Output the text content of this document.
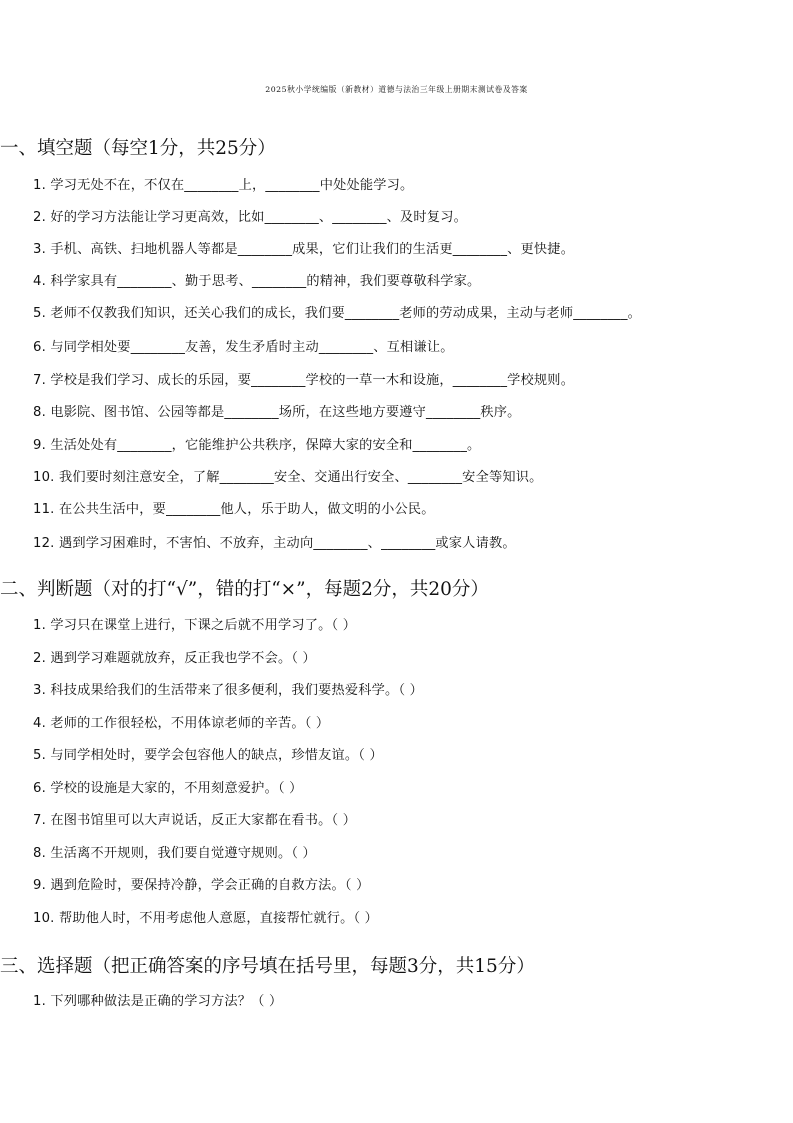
2025秋小学统编版（新教材）道德与法治三年级上册期末测试卷及答案
一、填空题（每空1分，共25分）
1. 学习无处不在，不仅在________上，________中处处能学习。
2. 好的学习方法能让学习更高效，比如________、________、及时复习。
3. 手机、高铁、扫地机器人等都是________成果，它们让我们的生活更________、更快捷。
4. 科学家具有________、勤于思考、________的精神，我们要尊敬科学家。
5. 老师不仅教我们知识，还关心我们的成长，我们要________老师的劳动成果，主动与老师________。
6. 与同学相处要________友善，发生矛盾时主动________、互相谦让。
7. 学校是我们学习、成长的乐园，要________学校的一草一木和设施，________学校规则。
8. 电影院、图书馆、公园等都是________场所，在这些地方要遵守________秩序。
9. 生活处处有________，它能维护公共秩序，保障大家的安全和________。
10. 我们要时刻注意安全，了解________安全、交通出行安全、________安全等知识。
11. 在公共生活中，要________他人，乐于助人，做文明的小公民。
12. 遇到学习困难时，不害怕、不放弃，主动向________、________或家人请教。
二、判断题（对的打“√”，错的打“×”，每题2分，共20分）
1. 学习只在课堂上进行，下课之后就不用学习了。（ ）
2. 遇到学习难题就放弃，反正我也学不会。（ ）
3. 科技成果给我们的生活带来了很多便利，我们要热爱科学。（ ）
4. 老师的工作很轻松，不用体谅老师的辛苦。（ ）
5. 与同学相处时，要学会包容他人的缺点，珍惜友谊。（ ）
6. 学校的设施是大家的，不用刻意爱护。（ ）
7. 在图书馆里可以大声说话，反正大家都在看书。（ ）
8. 生活离不开规则，我们要自觉遵守规则。（ ）
9. 遇到危险时，要保持冷静，学会正确的自救方法。（ ）
10. 帮助他人时，不用考虑他人意愿，直接帮忙就行。（ ）
三、选择题（把正确答案的序号填在括号里，每题3分，共15分）
1. 下列哪种做法是正确的学习方法？（ ）
